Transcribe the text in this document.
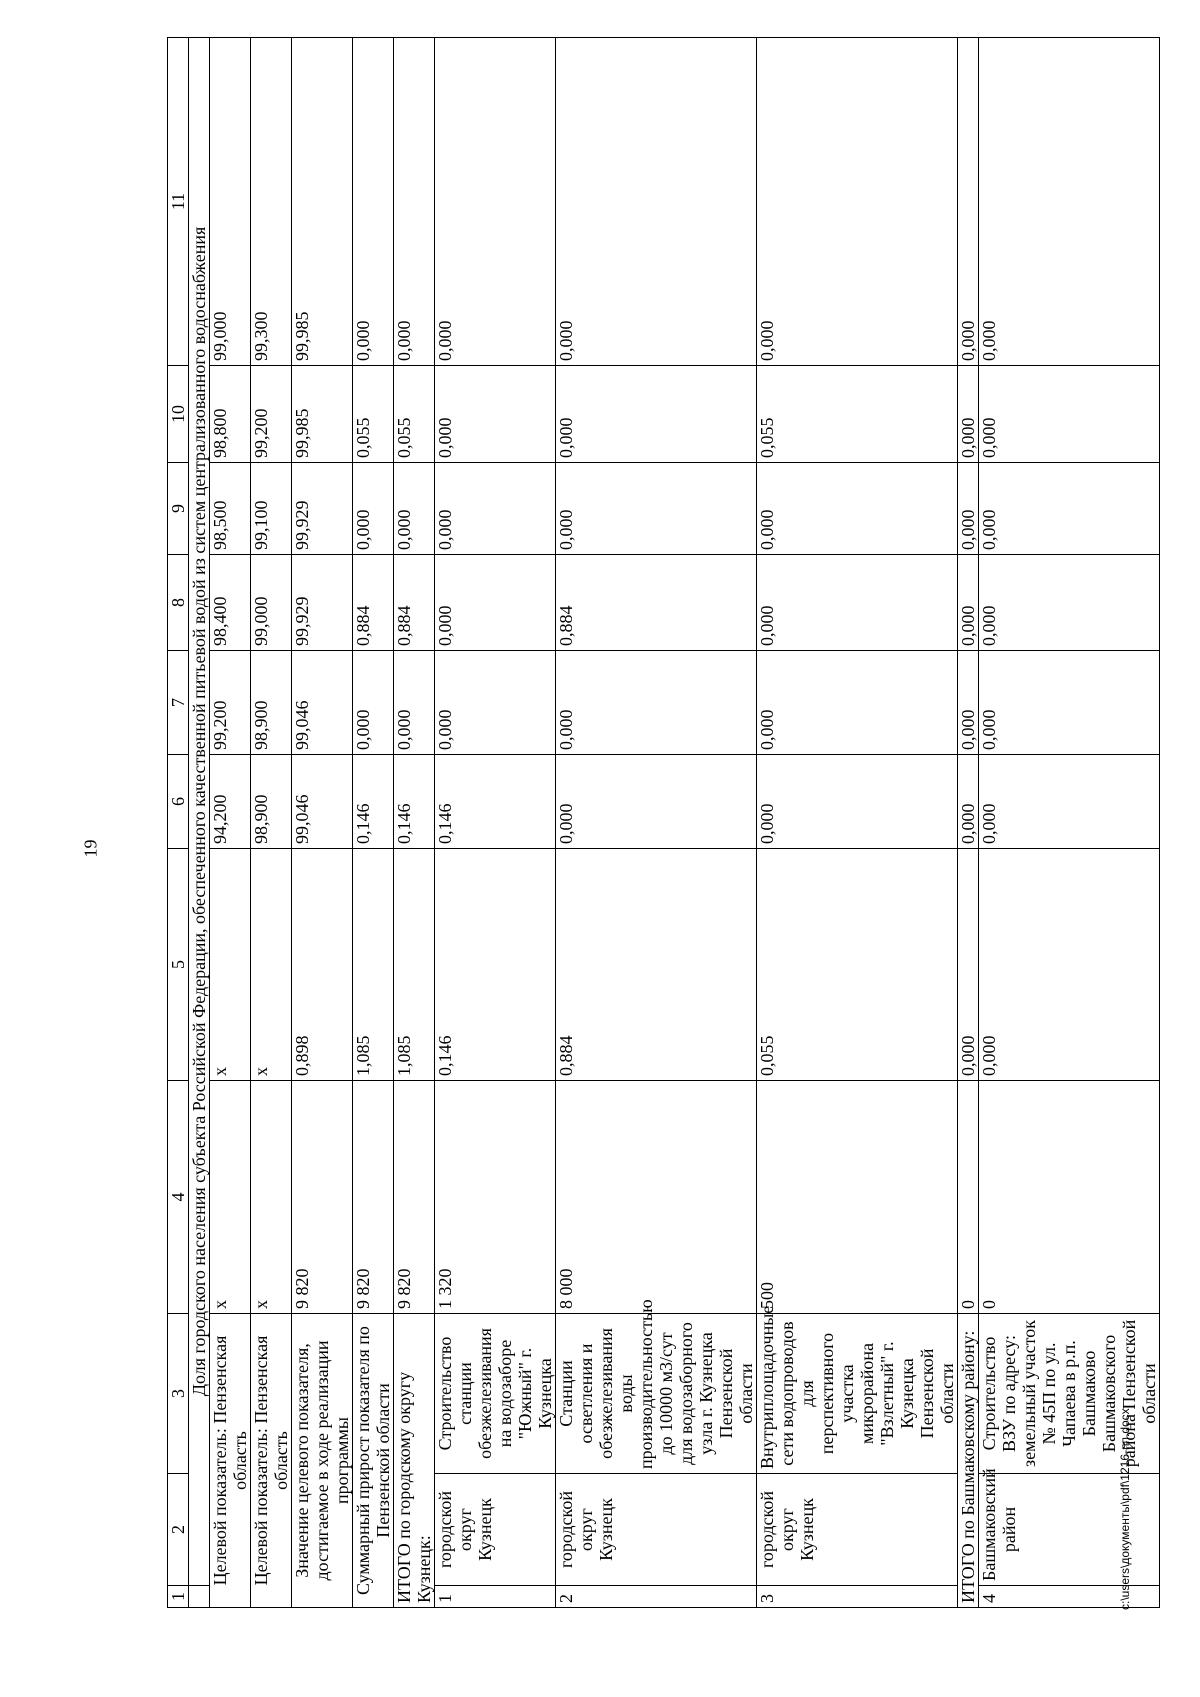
19
1	2	3	4	5	6	7	8	9	10	11
	Доля городского населения субъекта Российской Федерации, обеспеченного качественной питьевой водой из систем централизованного водоснабжения									
Целевой показатель: Пензенская область			х	х	94,200	99,200	98,400	98,500	98,800	99,000
Целевой показатель: Пензенская область			х	х	98,900	98,900	99,000	99,100	99,200	99,300
Значение целевого показателя, достигаемое в ходе реализации программы			9 820	0,898	99,046	99,046	99,929	99,929	99,985	99,985
Суммарный прирост показателя по Пензенской области			9 820	1,085	0,146	0,000	0,884	0,000	0,055	0,000
ИТОГО по городскому округу Кузнецк:			9 820	1,085	0,146	0,000	0,884	0,000	0,055	0,000
1	городской округ Кузнецк	Строительство станции обезжелезивания на водозаборе "Южный" г. Кузнецка	1 320	0,146	0,146	0,000	0,000	0,000	0,000	0,000
2	городской округ Кузнецк	Станции осветления и обезжелезивания воды производительностью до 10000 м3/сут для водозаборного узла г. Кузнецка Пензенской области	8 000	0,884	0,000	0,000	0,884	0,000	0,000	0,000
3	городской округ Кузнецк	Внутриплощадочные сети водопроводов для перспективного участка микрорайона "Взлетный" г. Кузнецка Пензенской области	500	0,055	0,000	0,000	0,000	0,000	0,055	0,000
ИТОГО по Башмаковскому району:			0	0,000	0,000	0,000	0,000	0,000	0,000	0,000
4	Башмаковский район	Строительство ВЗУ по адресу: земельный участок № 45П по ул. Чапаева в р.п. Башмаково Башмаковского района Пензенской области	0	0,000	0,000	0,000	0,000	0,000	0,000	0,000
c:\users\документы\pdf\1216-пп.docx
